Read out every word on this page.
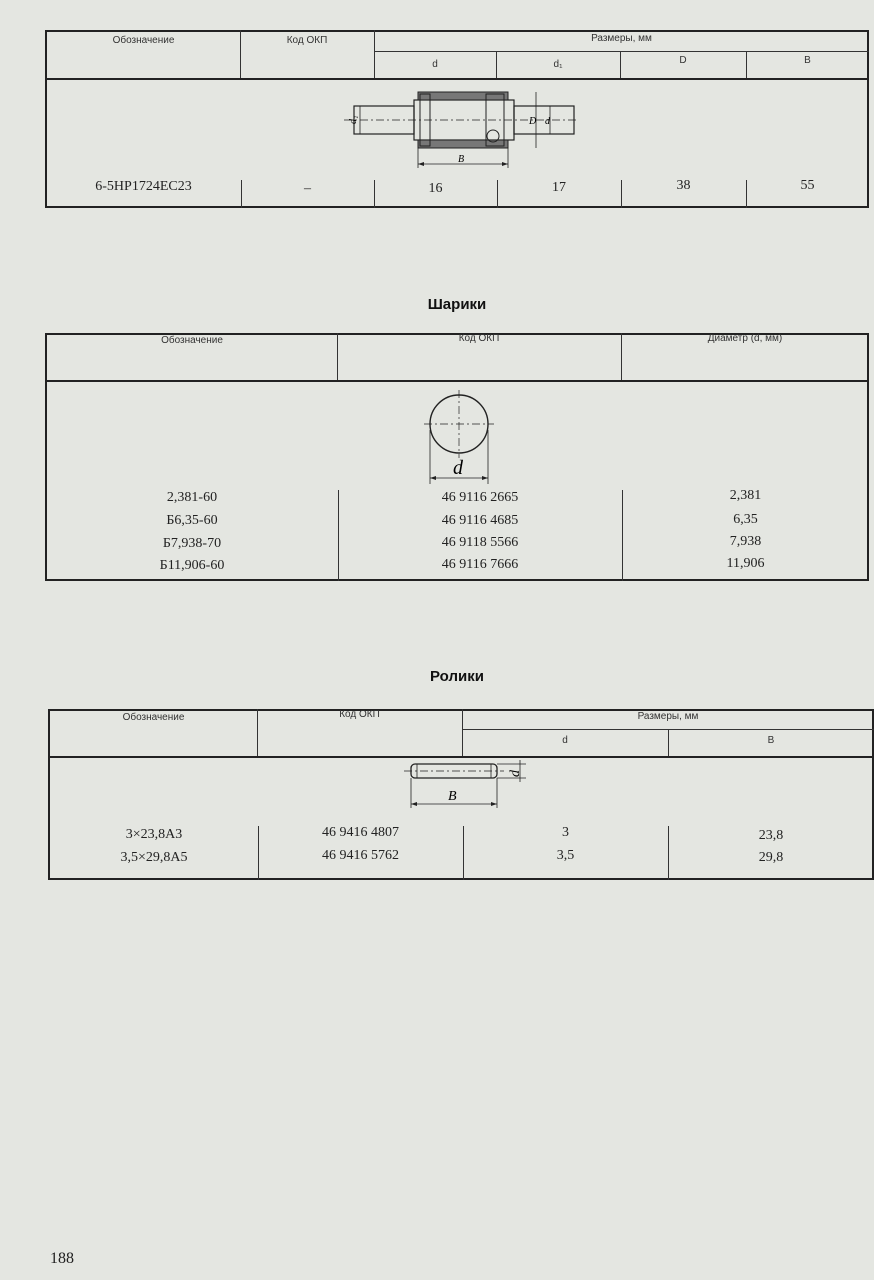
Обозначение	Код ОКП	Размеры, мм
d	d₁	D	B
d₁	D d
B
6-5НР1724ЕС23	–	16	17	38	55
Шарики
Обозначение	Код ОКП	Диаметр (d, мм)
d
2,381-60	46 9116 2665	2,381
Б6,35-60	46 9116 4685	6,35
Б7,938-70	46 9118 5566	7,938
Б11,906-60	46 9116 7666	11,906
Ролики
Обозначение	Код ОКП	Размеры, мм
d	B
d
B
3×23,8А3	46 9416 4807	3	23,8
3,5×29,8А5	46 9416 5762	3,5	29,8
188
